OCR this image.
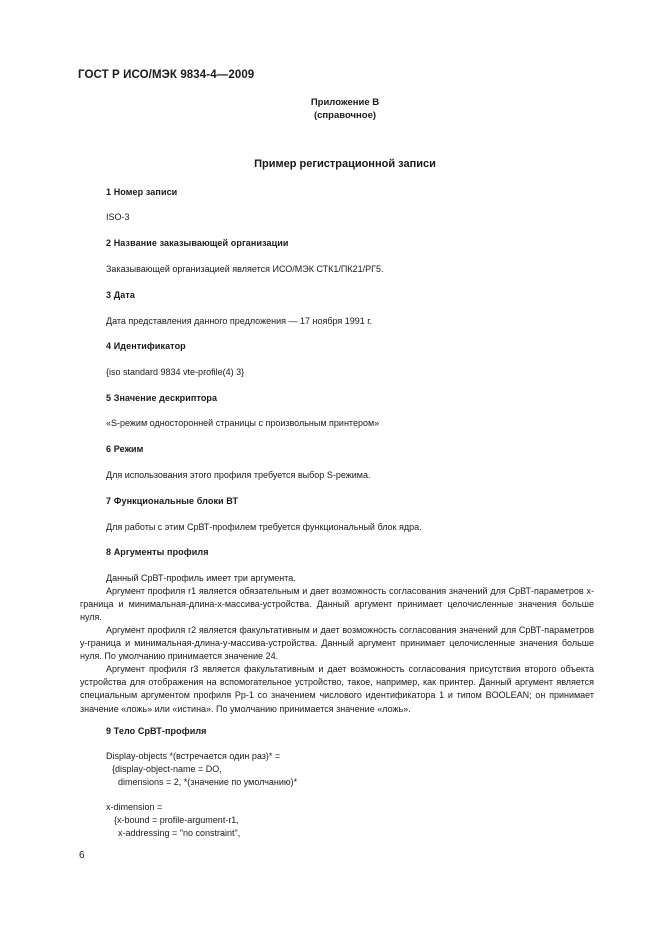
ГОСТ Р ИСО/МЭК 9834-4—2009
Приложение В
(справочное)
Пример регистрационной записи
1 Номер записи
ISO-3
2 Название заказывающей организации
Заказывающей организацией является ИСО/МЭК СТК1/ПК21/РГ5.
3 Дата
Дата представления данного предложения — 17 ноября 1991 г.
4 Идентификатор
{iso standard 9834 vte-profile(4) 3}
5 Значение дескриптора
«S-режим односторонней страницы с произвольным принтером»
6 Режим
Для использования этого профиля требуется выбор S-режима.
7 Функциональные блоки ВТ
Для работы с этим СрВТ-профилем требуется функциональный блок ядра.
8 Аргументы профиля
Данный СрВТ-профиль имеет три аргумента.
Аргумент профиля r1 является обязательным и дает возможность согласования значений для СрВТ-параметров x-граница и минимальная-длина-x-массива-устройства. Данный аргумент принимает целочисленные значения больше нуля.
Аргумент профиля r2 является факультативным и дает возможность согласования значений для СрВТ-параметров y-граница и минимальная-длина-y-массива-устройства. Данный аргумент принимает целочисленные значения больше нуля. По умолчанию принимается значение 24.
Аргумент профиля r3 является факультативным и дает возможность согласования присутствия второго объекта устройства для отображения на вспомогательное устройство, такое, например, как принтер. Данный аргумент является специальным аргументом профиля Pp-1 со значением числового идентификатора 1 и типом BOOLEAN; он принимает значение «ложь» или «истина». По умолчанию принимается значение «ложь».
9 Тело СрВТ-профиля
Display-objects *(встречается один раз)* =
{display-object-name = DO,
dimensions = 2, *(значение по умолчанию)*
x-dimension =
{x-bound = profile-argument-r1,
x-addressing = "no constraint",
6
